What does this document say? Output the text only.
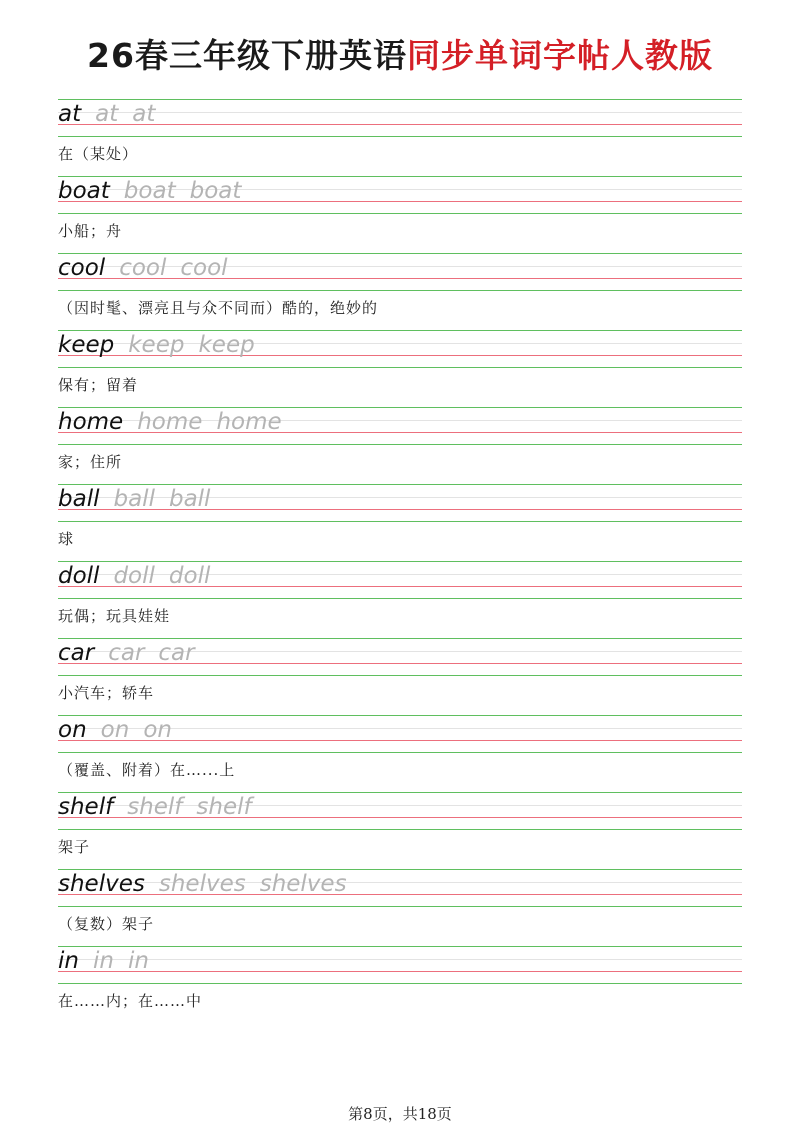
26春三年级下册英语同步单词字帖人教版
at at at
在（某处）
boat boat boat
小船；舟
cool cool cool
（因时髦、漂亮且与众不同而）酷的，绝妙的
keep keep keep
保有；留着
home home home
家；住所
ball ball ball
球
doll doll doll
玩偶；玩具娃娃
car car car
小汽车；轿车
on on on
（覆盖、附着）在…...上
shelf shelf shelf
架子
shelves shelves shelves
（复数）架子
in in in
在……内；在……中
第8页，共18页
